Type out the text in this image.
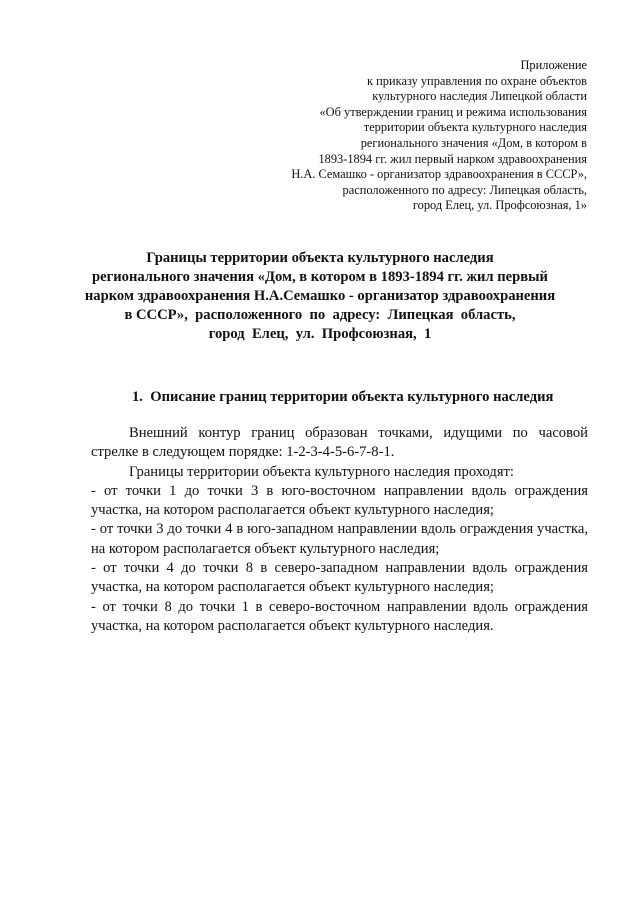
Приложение
к приказу управления по охране объектов
культурного наследия Липецкой области
«Об утверждении границ и режима использования
территории объекта культурного наследия
регионального значения «Дом, в котором в
1893-1894 гг. жил первый нарком здравоохранения
Н.А. Семашко - организатор здравоохранения в СССР»,
расположенного по адресу: Липецкая область,
город Елец, ул. Профсоюзная, 1»
Границы территории объекта культурного наследия
регионального значения «Дом, в котором в 1893-1894 гг. жил первый
нарком здравоохранения Н.А.Семашко - организатор здравоохранения
в СССР»,  расположенного  по  адресу:  Липецкая  область,
город  Елец,  ул.  Профсоюзная,  1
1.  Описание границ территории объекта культурного наследия

Внешний контур границ образован точками, идущими по часовой стрелке в следующем порядке: 1-2-3-4-5-6-7-8-1.

Границы территории объекта культурного наследия проходят:

- от точки 1 до точки 3 в юго-восточном направлении вдоль ограждения участка, на котором располагается объект культурного наследия;

- от точки 3 до точки 4 в юго-западном направлении вдоль ограждения участка, на котором располагается объект культурного наследия;

- от точки 4 до точки 8 в северо-западном направлении вдоль ограждения участка, на котором располагается объект культурного наследия;

- от точки 8 до точки 1 в северо-восточном направлении вдоль ограждения участка, на котором располагается объект культурного наследия.
